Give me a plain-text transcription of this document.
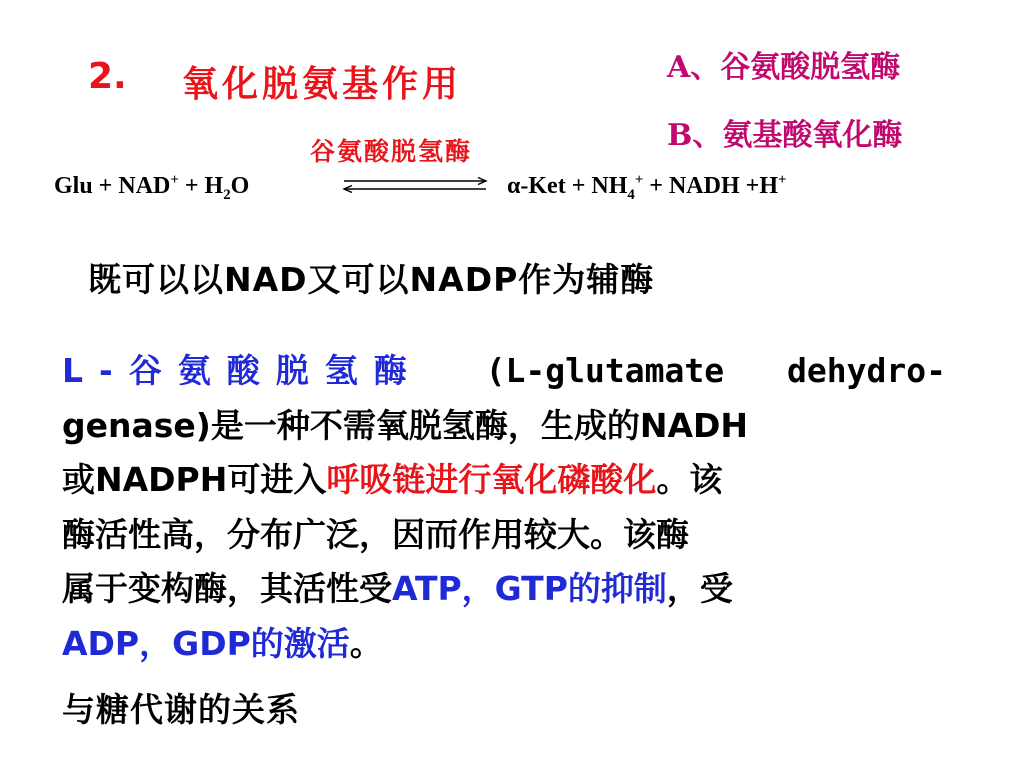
2. 氧化脱氨基作用	A、谷氨酸脱氢酶
B、氨基酸氧化酶
谷氨酸脱氢酶
Glu + $NAD^+ + H_2O$	$\alpha-Ket + NH_4^+$ + NADH +H+
既可以以NAD又可以NADP作为辅酶
L-谷氨酸脱氢酶 (L-glutamate dehydro-
genase)是一种不需氧脱氢酶，生成的NADH
或NADPH可进入 呼吸链进行氧化磷酸化 。该
酶活性高，分布广泛，因而作用较大。该酶
属于变构酶，其活性受 ATP，GTP的抑制 ，受
ADP，GDP的激活 。
与糖代谢的关系
